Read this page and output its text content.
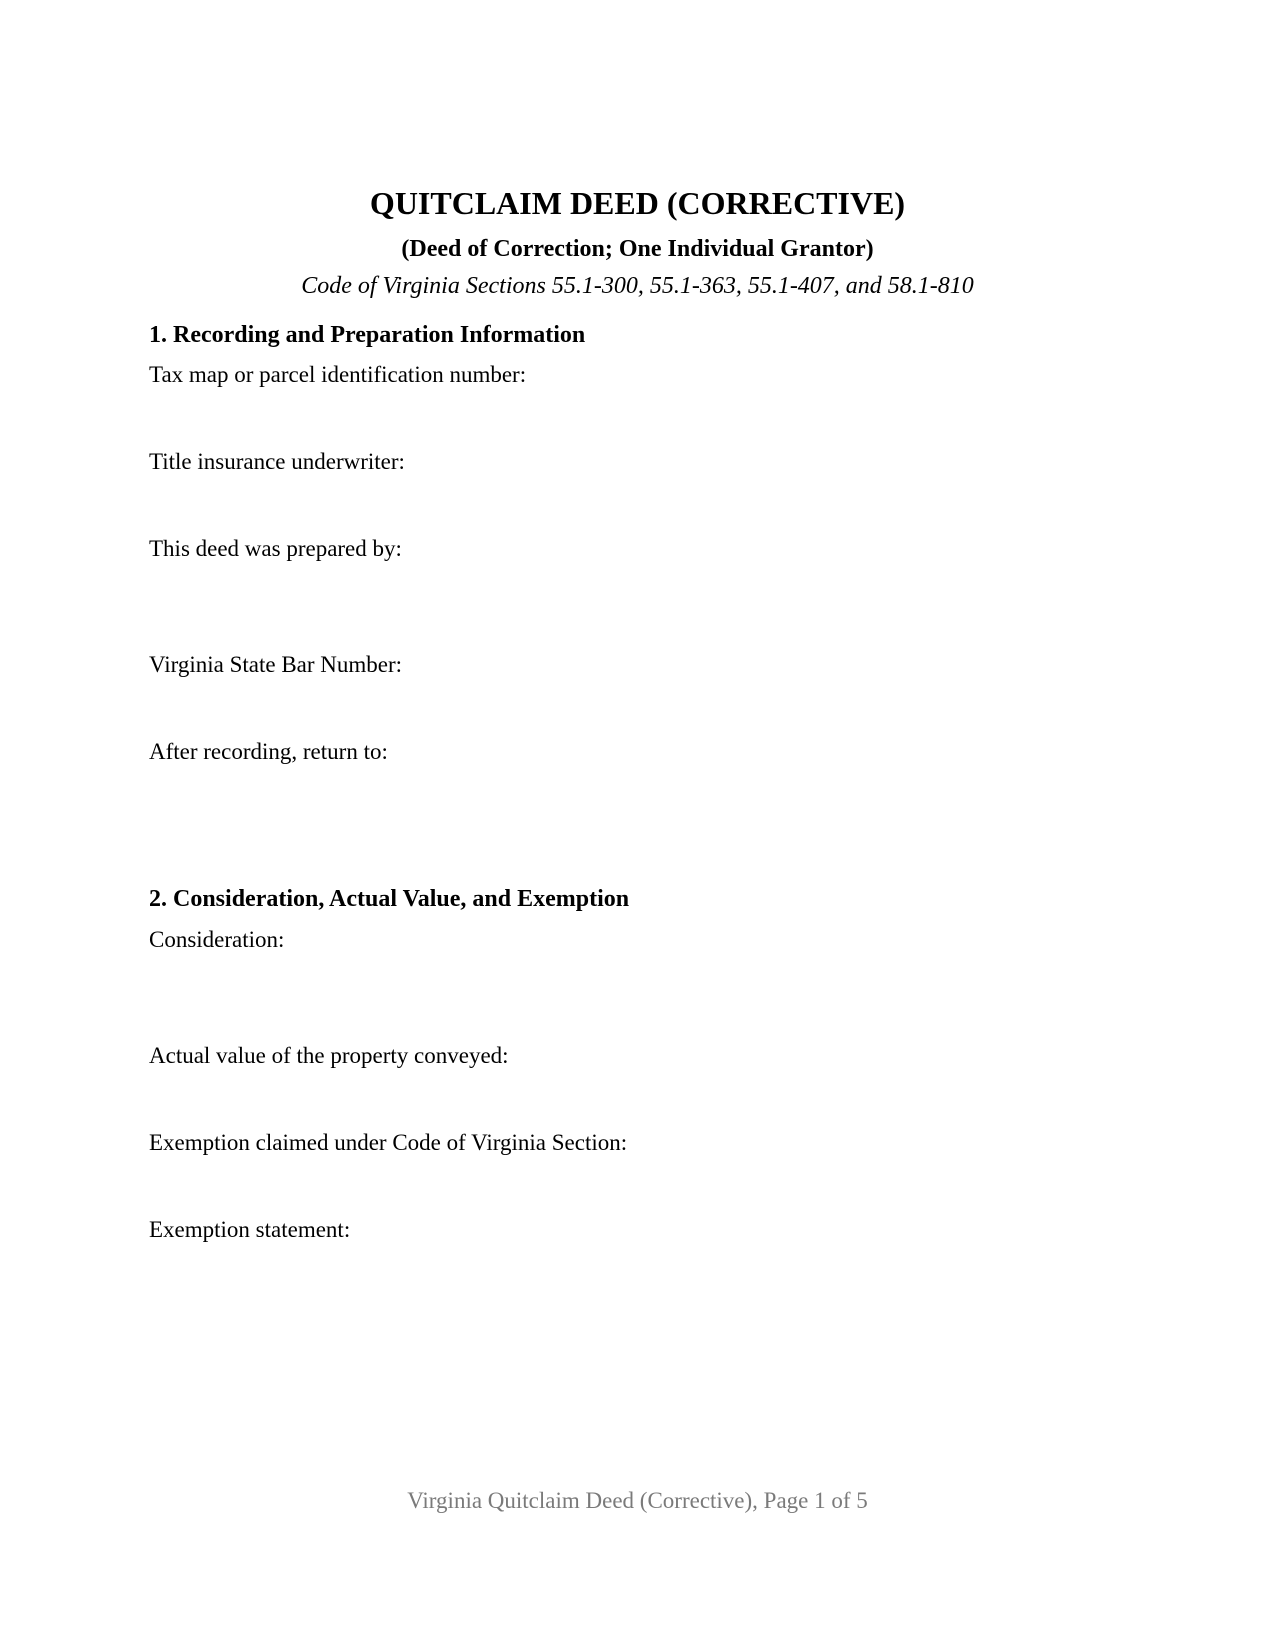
QUITCLAIM DEED (CORRECTIVE)
(Deed of Correction; One Individual Grantor)
Code of Virginia Sections 55.1-300, 55.1-363, 55.1-407, and 58.1-810
1. Recording and Preparation Information
Tax map or parcel identification number:
Title insurance underwriter:
This deed was prepared by:
Virginia State Bar Number:
After recording, return to:
2. Consideration, Actual Value, and Exemption
Consideration:
Actual value of the property conveyed:
Exemption claimed under Code of Virginia Section:
Exemption statement:
Virginia Quitclaim Deed (Corrective), Page 1 of 5
